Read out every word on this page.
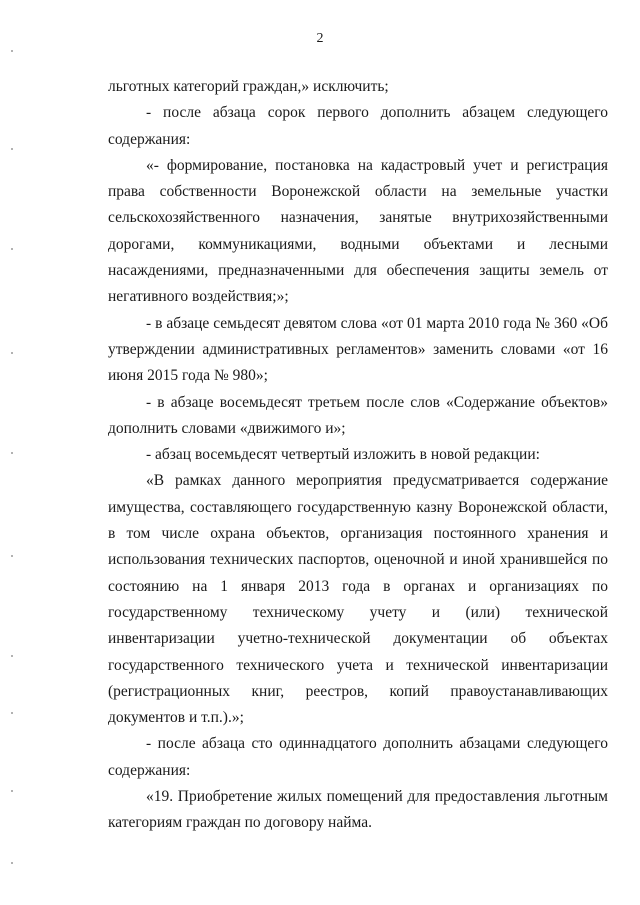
2

льготных категорий граждан,» исключить;

- после абзаца сорок первого дополнить абзацем следующего содержания:

«- формирование, постановка на кадастровый учет и регистрация права собственности Воронежской области на земельные участки сельскохозяйственного назначения, занятые внутрихозяйственными дорогами, коммуникациями, водными объектами и лесными насаждениями, предназначенными для обеспечения защиты земель от негативного воздействия;»;

- в абзаце семьдесят девятом слова «от 01 марта 2010 года № 360 «Об утверждении административных регламентов» заменить словами «от 16 июня 2015 года № 980»;

- в абзаце восемьдесят третьем после слов «Содержание объектов» дополнить словами «движимого и»;

- абзац восемьдесят четвертый изложить в новой редакции:

«В рамках данного мероприятия предусматривается содержание имущества, составляющего государственную казну Воронежской области, в том числе охрана объектов, организация постоянного хранения и использования технических паспортов, оценочной и иной хранившейся по состоянию на 1 января 2013 года в органах и организациях по государственному техническому учету и (или) технической инвентаризации учетно-технической документации об объектах государственного технического учета и технической инвентаризации (регистрационных книг, реестров, копий правоустанавливающих документов и т.п.).»;

- после абзаца сто одиннадцатого дополнить абзацами следующего содержания:

«19. Приобретение жилых помещений для предоставления льготным категориям граждан по договору найма.
